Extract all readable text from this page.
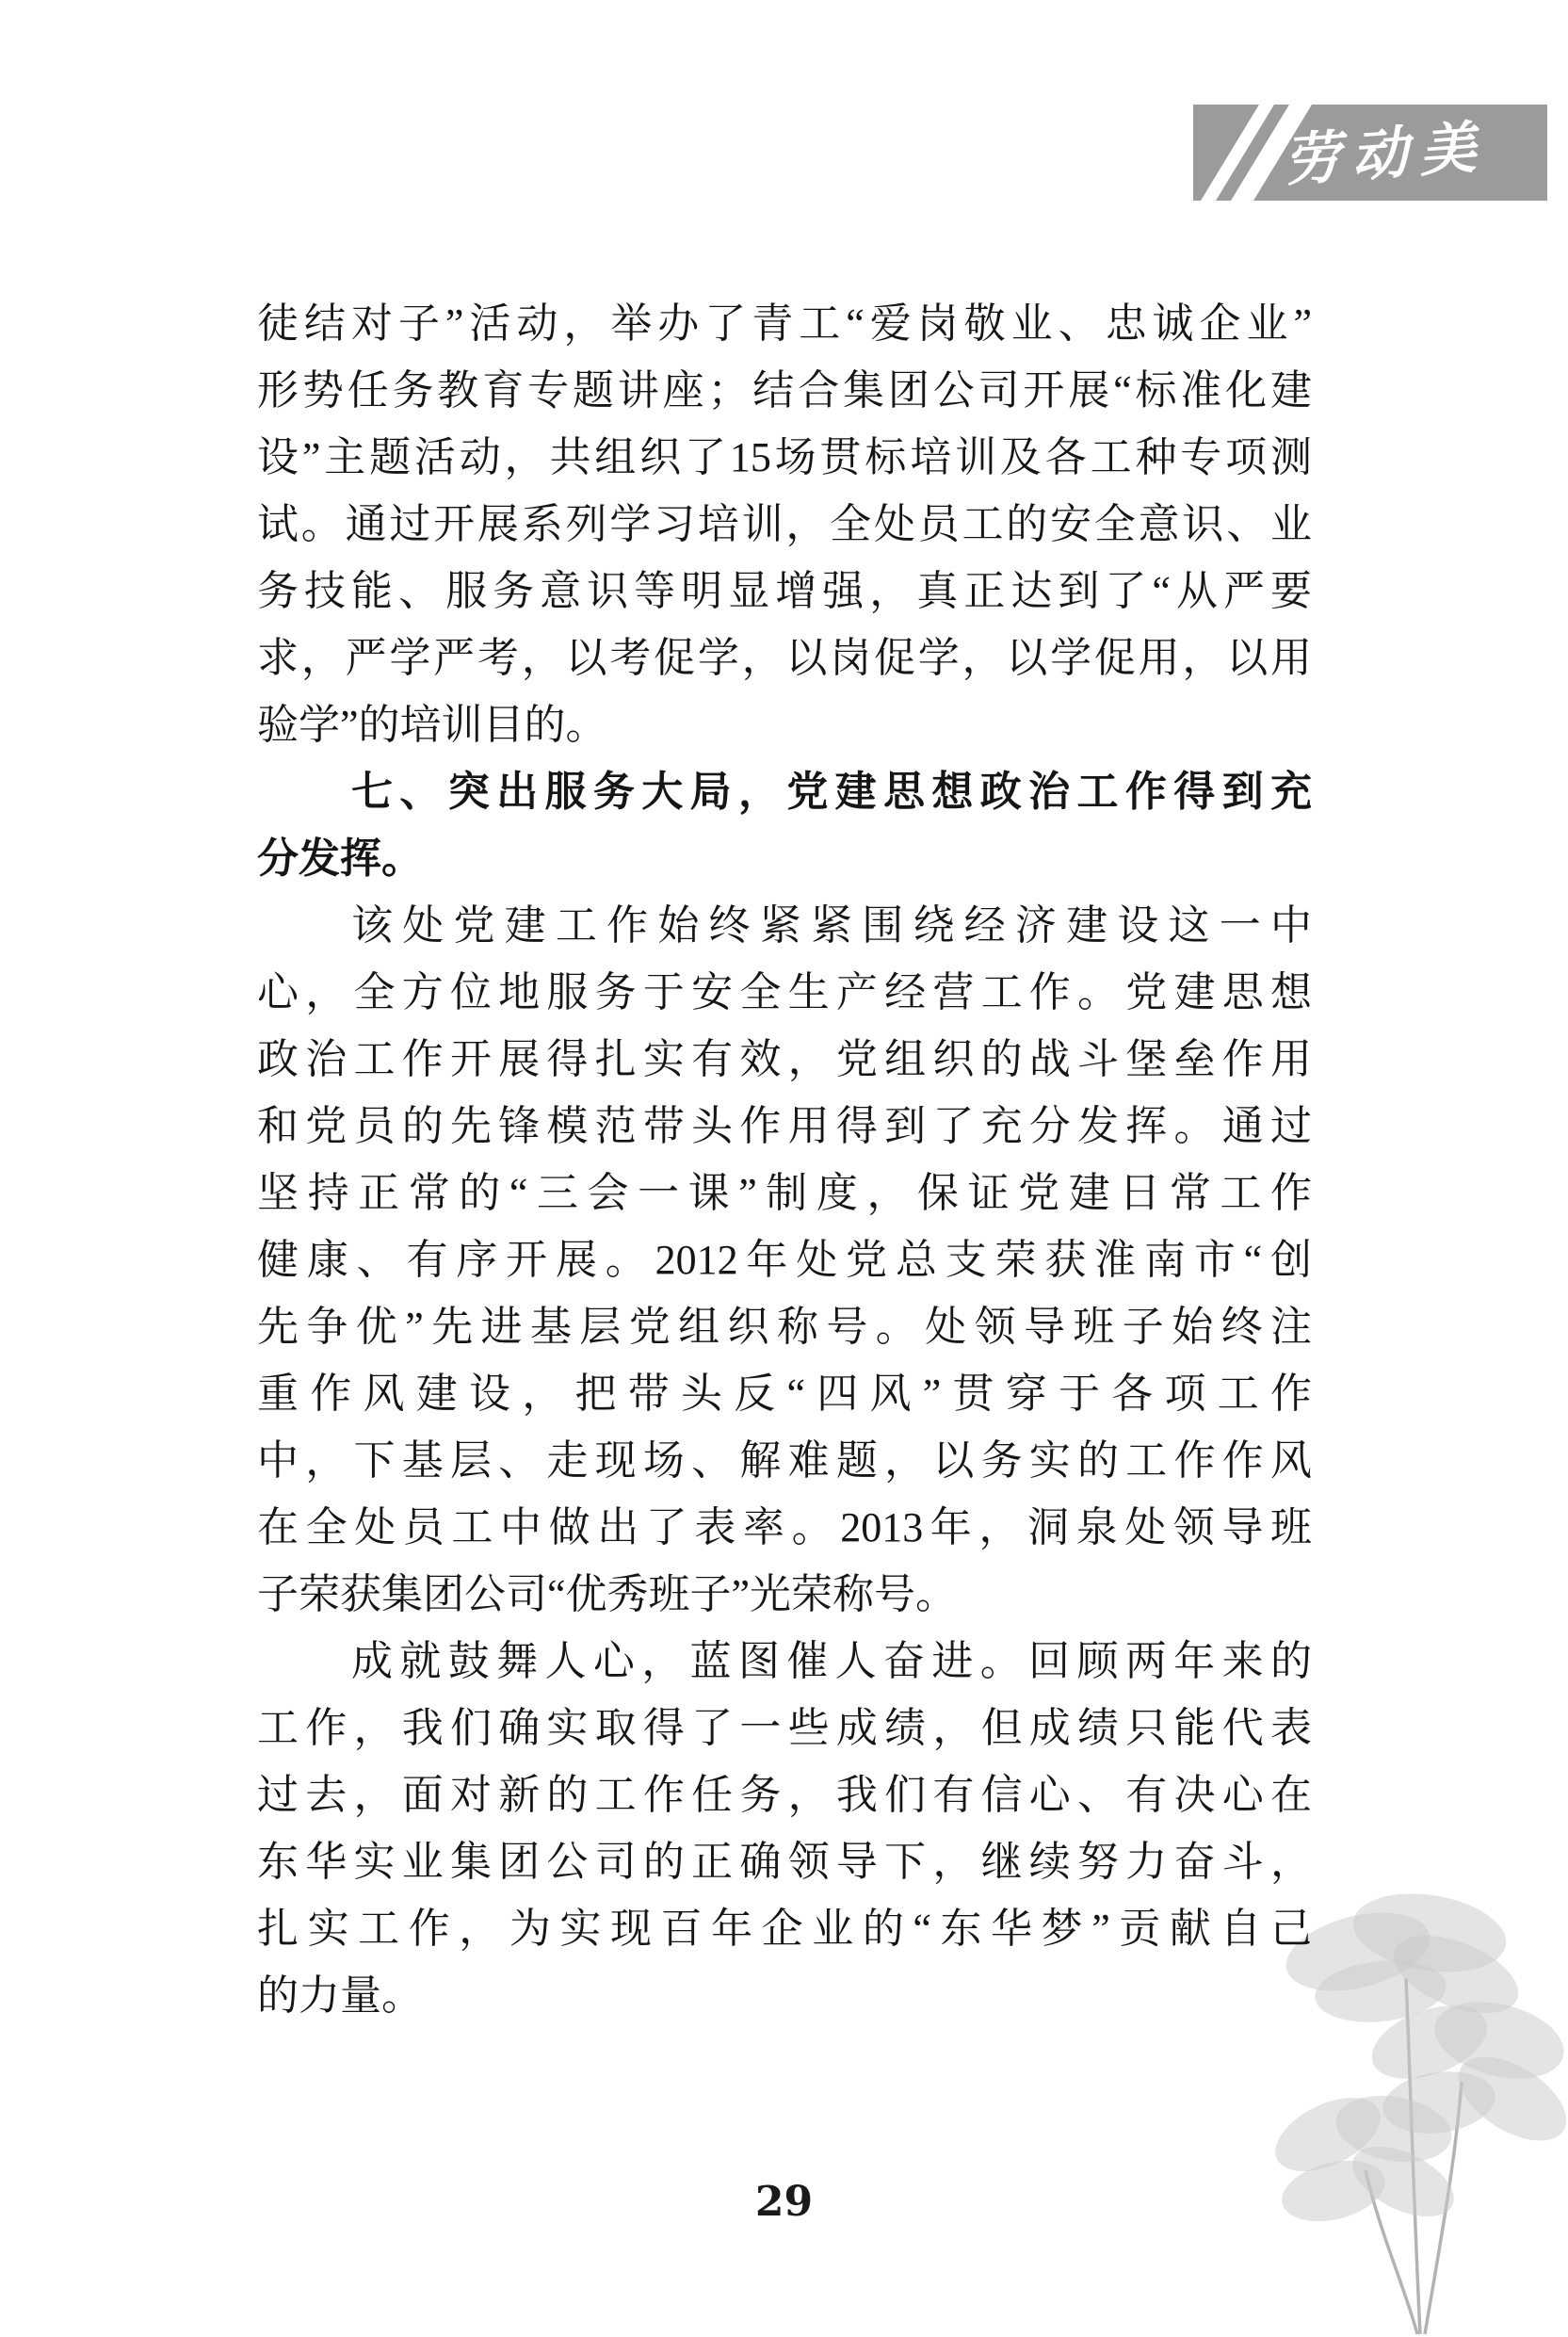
劳动美
徒结对子”活动，举办了青工“爱岗敬业、忠诚企业”
形势任务教育专题讲座；结合集团公司开展“标准化建
设”主题活动，共组织了15场贯标培训及各工种专项测
试。通过开展系列学习培训，全处员工的安全意识、业
务技能、服务意识等明显增强，真正达到了“从严要
求，严学严考，以考促学，以岗促学，以学促用，以用
验学”的培训目的。
七、突出服务大局，党建思想政治工作得到充
分发挥。
该处党建工作始终紧紧围绕经济建设这一中
心，全方位地服务于安全生产经营工作。党建思想
政治工作开展得扎实有效，党组织的战斗堡垒作用
和党员的先锋模范带头作用得到了充分发挥。通过
坚持正常的“三会一课”制度，保证党建日常工作
健康、有序开展。2012年处党总支荣获淮南市“创
先争优”先进基层党组织称号。处领导班子始终注
重作风建设，把带头反“四风”贯穿于各项工作
中，下基层、走现场、解难题，以务实的工作作风
在全处员工中做出了表率。2013年，洞泉处领导班
子荣获集团公司“优秀班子”光荣称号。
成就鼓舞人心，蓝图催人奋进。回顾两年来的
工作，我们确实取得了一些成绩，但成绩只能代表
过去，面对新的工作任务，我们有信心、有决心在
东华实业集团公司的正确领导下，继续努力奋斗，
扎实工作，为实现百年企业的“东华梦”贡献自己
的力量。
29
